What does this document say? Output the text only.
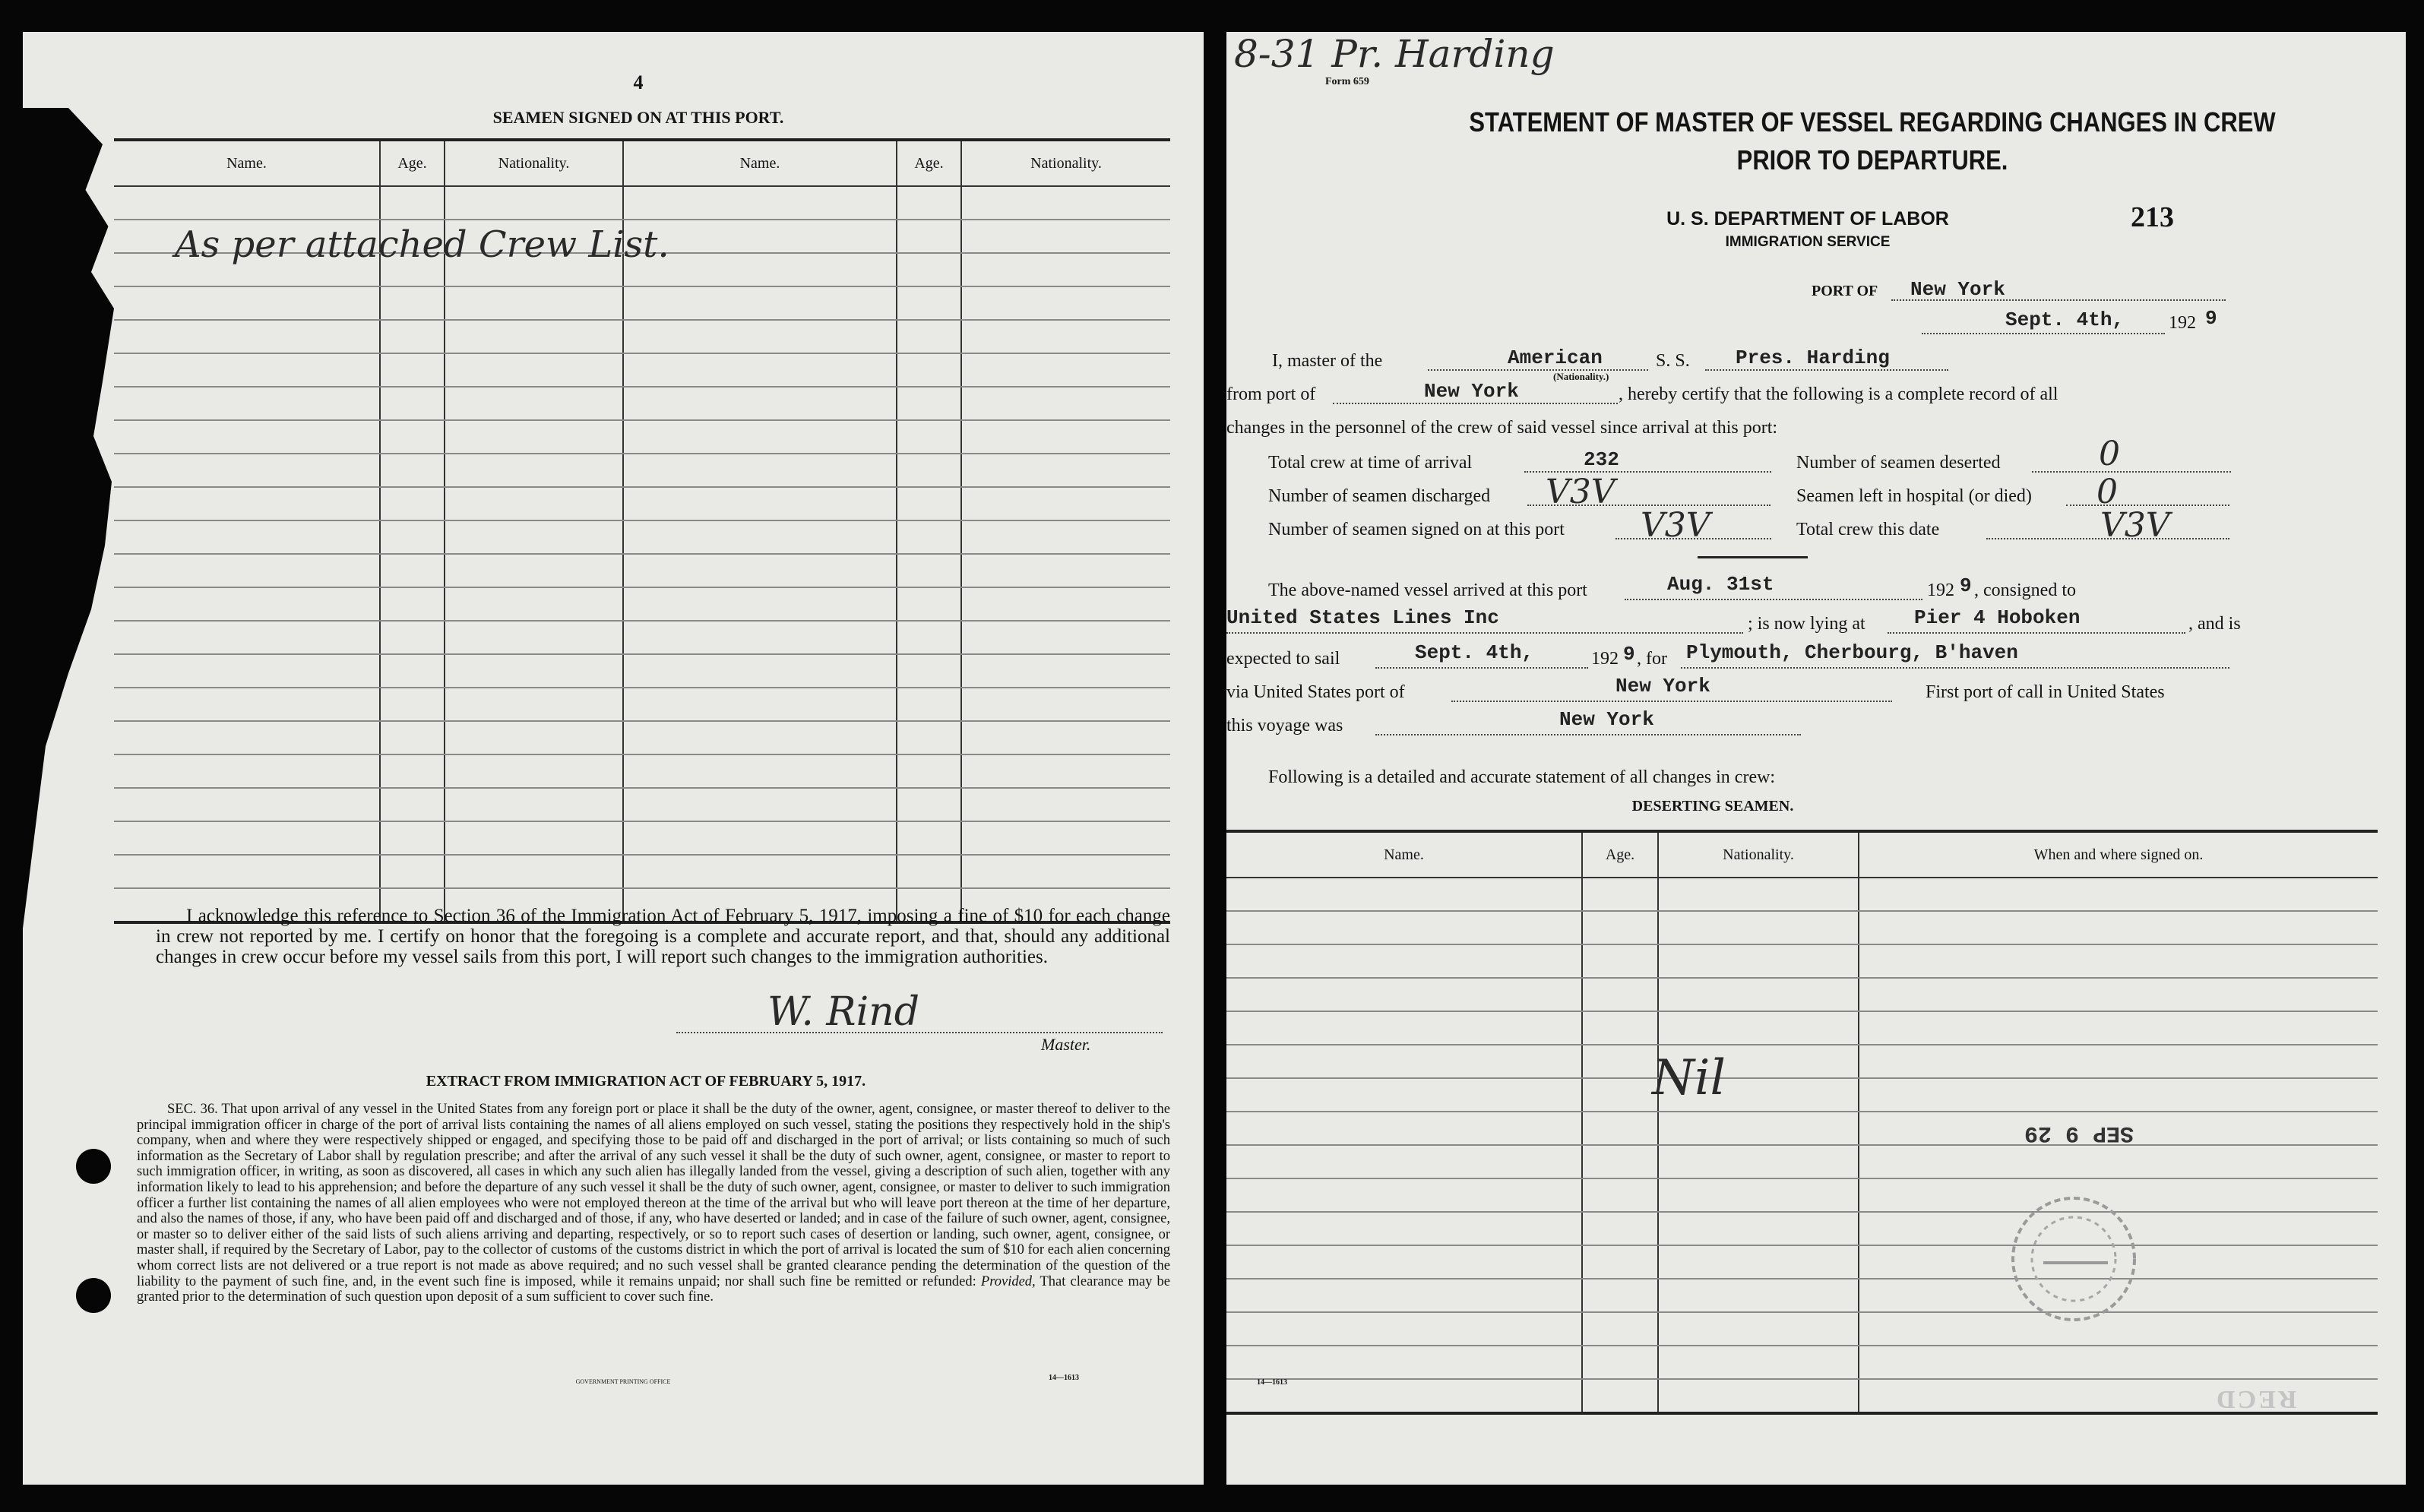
4
SEAMEN SIGNED ON AT THIS PORT.
Name.	Age.	Nationality.	Name.	Age.	Nationality.

As per attached Crew List.
I acknowledge this reference to Section 36 of the Immigration Act of February 5, 1917, imposing a fine of $10 for each change in crew not reported by me. I certify on honor that the foregoing is a complete and accurate report, and that, should any additional changes in crew occur before my vessel sails from this port, I will report such changes to the immigration authorities.
W. Rind
Master.
EXTRACT FROM IMMIGRATION ACT OF FEBRUARY 5, 1917.
SEC. 36. That upon arrival of any vessel in the United States from any foreign port or place it shall be the duty of the owner, agent, consignee, or master thereof to deliver to the principal immigration officer in charge of the port of arrival lists containing the names of all aliens employed on such vessel, stating the positions they respectively hold in the ship's company, when and where they were respectively shipped or engaged, and specifying those to be paid off and discharged in the port of arrival; or lists containing so much of such information as the Secretary of Labor shall by regulation prescribe; and after the arrival of any such vessel it shall be the duty of such owner, agent, consignee, or master to report to such immigration officer, in writing, as soon as discovered, all cases in which any such alien has illegally landed from the vessel, giving a description of such alien, together with any information likely to lead to his apprehension; and before the departure of any such vessel it shall be the duty of such owner, agent, consignee, or master to deliver to such immigration officer a further list containing the names of all alien employees who were not employed thereon at the time of the arrival but who will leave port thereon at the time of her departure, and also the names of those, if any, who have been paid off and discharged and of those, if any, who have deserted or landed; and in case of the failure of such owner, agent, consignee, or master so to deliver either of the said lists of such aliens arriving and departing, respectively, or so to report such cases of desertion or landing, such owner, agent, consignee, or master shall, if required by the Secretary of Labor, pay to the collector of customs of the customs district in which the port of arrival is located the sum of $10 for each alien concerning whom correct lists are not delivered or a true report is not made as above required; and no such vessel shall be granted clearance pending the determination of the question of the liability to the payment of such fine, and, in the event such fine is imposed, while it remains unpaid; nor shall such fine be remitted or refunded: Provided, That clearance may be granted prior to the determination of such question upon deposit of a sum sufficient to cover such fine.
GOVERNMENT PRINTING OFFICE	14—1613
8-31 Pr. Harding
Form 659
STATEMENT OF MASTER OF VESSEL REGARDING CHANGES IN CREW
PRIOR TO DEPARTURE.
U. S. DEPARTMENT OF LABOR
IMMIGRATION SERVICE
213
PORT OF New York
Sept. 4th, 192 9
I, master of the	American
(Nationality.)
S. S. Pres. Harding
from port of	New York	, hereby certify that the following is a complete record of all
changes in the personnel of the crew of said vessel since arrival at this port:
Total crew at time of arrival	232	Number of seamen deserted	0
Number of seamen discharged V3V	Seamen left in hospital (or died) 0
Number of seamen signed on at this port V3V	Total crew this date	V3V
The above-named vessel arrived at this port	Aug. 31st	192 9 , consigned to
United States Lines Inc	; is now lying at Pier 4 Hoboken	, and is
expected to sail	Sept. 4th,	192 9 , for Plymouth, Cherbourg, B'haven
via United States port of	New York	First port of call in United States
this voyage was	New York
Following is a detailed and accurate statement of all changes in crew:
DESERTING SEAMEN.
Name.	Age.	Nationality.	When and where signed on.

Nil
SEP 9 29
RECD
14—1613
